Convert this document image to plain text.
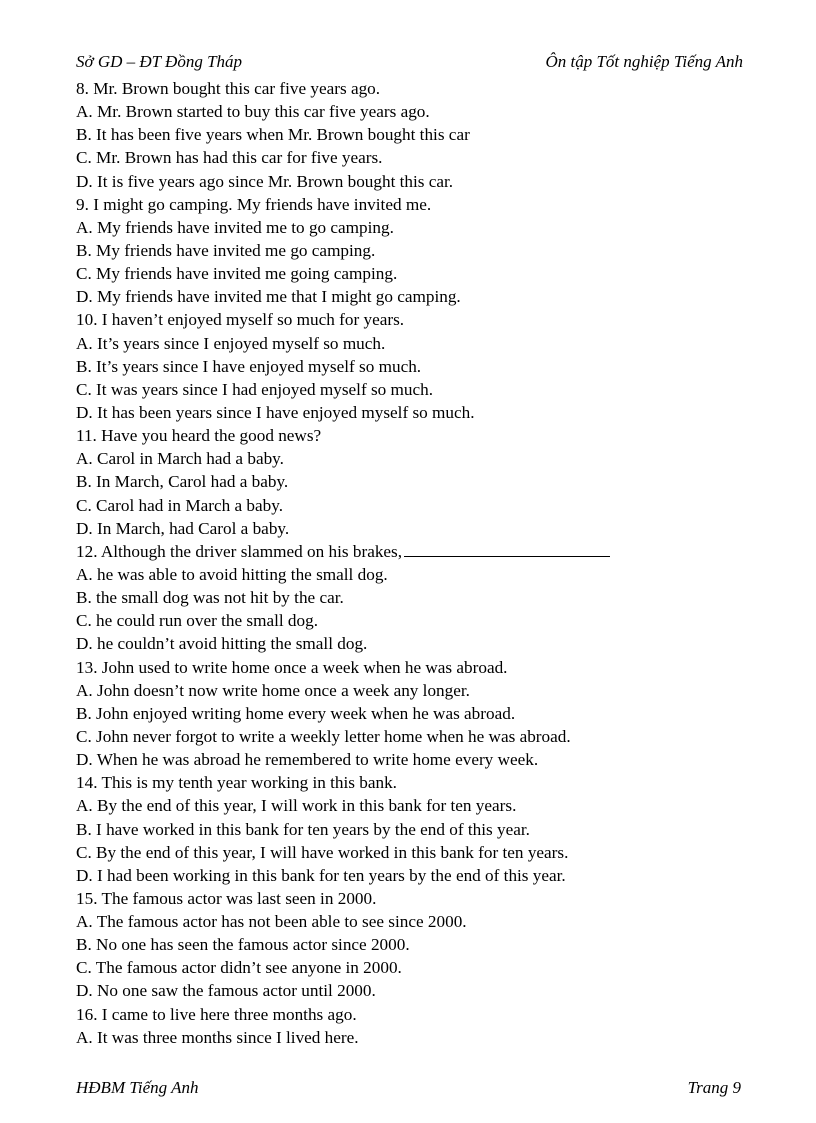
Sở GD – ĐT Đồng Tháp	Ôn tập Tốt nghiệp Tiếng Anh
8. Mr. Brown bought this car five years ago.
A. Mr. Brown started to buy this car five years ago.
B. It has been five years when Mr. Brown bought this car
C. Mr. Brown has had this car for five years.
D. It is five years ago since Mr. Brown bought this car.
9. I might go camping. My friends have invited me.
A. My friends have invited me to go camping.
B. My friends have invited me go camping.
C. My friends have invited me going camping.
D. My friends have invited me that I might go camping.
10. I haven’t enjoyed myself so much for years.
A. It’s years since I enjoyed myself so much.
B. It’s years since I have enjoyed myself so much.
C. It was years since I had enjoyed myself so much.
D. It has been years since I have enjoyed myself so much.
11. Have you heard the good news?
A. Carol in March had a baby.
B. In March, Carol had a baby.
C. Carol had in March a baby.
D. In March, had Carol a baby.
12. Although the driver slammed on his brakes,
A. he was able to avoid hitting the small dog.
B. the small dog was not hit by the car.
C. he could run over the small dog.
D. he couldn’t avoid hitting the small dog.
13. John used to write home once a week when he was abroad.
A. John doesn’t now write home once a week any longer.
B. John enjoyed writing home every week when he was abroad.
C. John never forgot to write a weekly letter home when he was abroad.
D. When he was abroad he remembered to write home every week.
14. This is my tenth year working in this bank.
A. By the end of this year, I will work in this bank for ten years.
B. I have worked in this bank for ten years by the end of this year.
C. By the end of this year, I will have worked in this bank for ten years.
D. I had been working in this bank for ten years by the end of this year.
15. The famous actor was last seen in 2000.
A. The famous actor has not been able to see since 2000.
B. No one has seen the famous actor since 2000.
C. The famous actor didn’t see anyone in 2000.
D. No one saw the famous actor until 2000.
16. I came to live here three months ago.
A. It was three months since I lived here.
HĐBM Tiếng Anh	Trang 9
